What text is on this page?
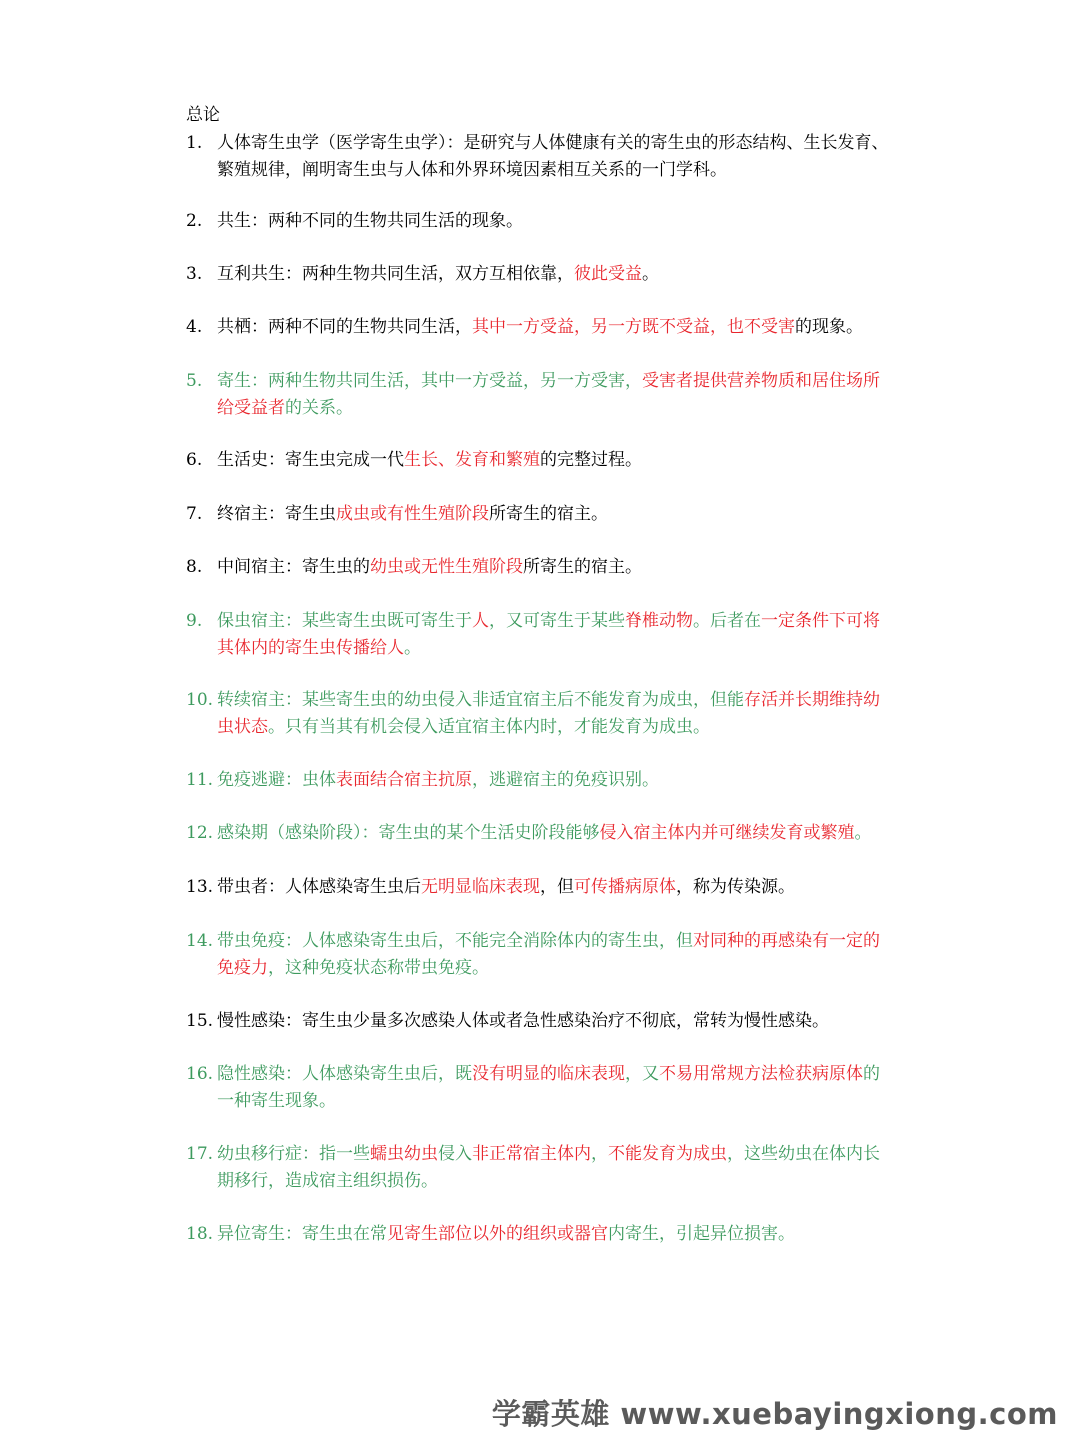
总论
1. 人体寄生虫学（医学寄生虫学）：是研究与人体健康有关的寄生虫的形态结构、生长发育、繁殖规律，阐明寄生虫与人体和外界环境因素相互关系的一门学科。
2. 共生：两种不同的生物共同生活的现象。
3. 互利共生：两种生物共同生活，双方互相依靠，彼此受益。
4. 共栖：两种不同的生物共同生活，其中一方受益，另一方既不受益，也不受害的现象。
5. 寄生：两种生物共同生活，其中一方受益，另一方受害，受害者提供营养物质和居住场所给受益者的关系。
6. 生活史：寄生虫完成一代生长、发育和繁殖的完整过程。
7. 终宿主：寄生虫成虫或有性生殖阶段所寄生的宿主。
8. 中间宿主：寄生虫的幼虫或无性生殖阶段所寄生的宿主。
9. 保虫宿主：某些寄生虫既可寄生于人，又可寄生于某些脊椎动物。后者在一定条件下可将其体内的寄生虫传播给人。
10. 转续宿主：某些寄生虫的幼虫侵入非适宜宿主后不能发育为成虫，但能存活并长期维持幼虫状态。只有当其有机会侵入适宜宿主体内时，才能发育为成虫。
11. 免疫逃避：虫体表面结合宿主抗原，逃避宿主的免疫识别。
12. 感染期（感染阶段）：寄生虫的某个生活史阶段能够侵入宿主体内并可继续发育或繁殖。
13. 带虫者：人体感染寄生虫后无明显临床表现，但可传播病原体，称为传染源。
14. 带虫免疫：人体感染寄生虫后，不能完全消除体内的寄生虫，但对同种的再感染有一定的免疫力，这种免疫状态称带虫免疫。
15. 慢性感染：寄生虫少量多次感染人体或者急性感染治疗不彻底，常转为慢性感染。
16. 隐性感染：人体感染寄生虫后，既没有明显的临床表现，又不易用常规方法检获病原体的一种寄生现象。
17. 幼虫移行症：指一些蠕虫幼虫侵入非正常宿主体内，不能发育为成虫，这些幼虫在体内长期移行，造成宿主组织损伤。
18. 异位寄生：寄生虫在常见寄生部位以外的组织或器官内寄生，引起异位损害。
学霸英雄 www.xuebayingxiong.com
